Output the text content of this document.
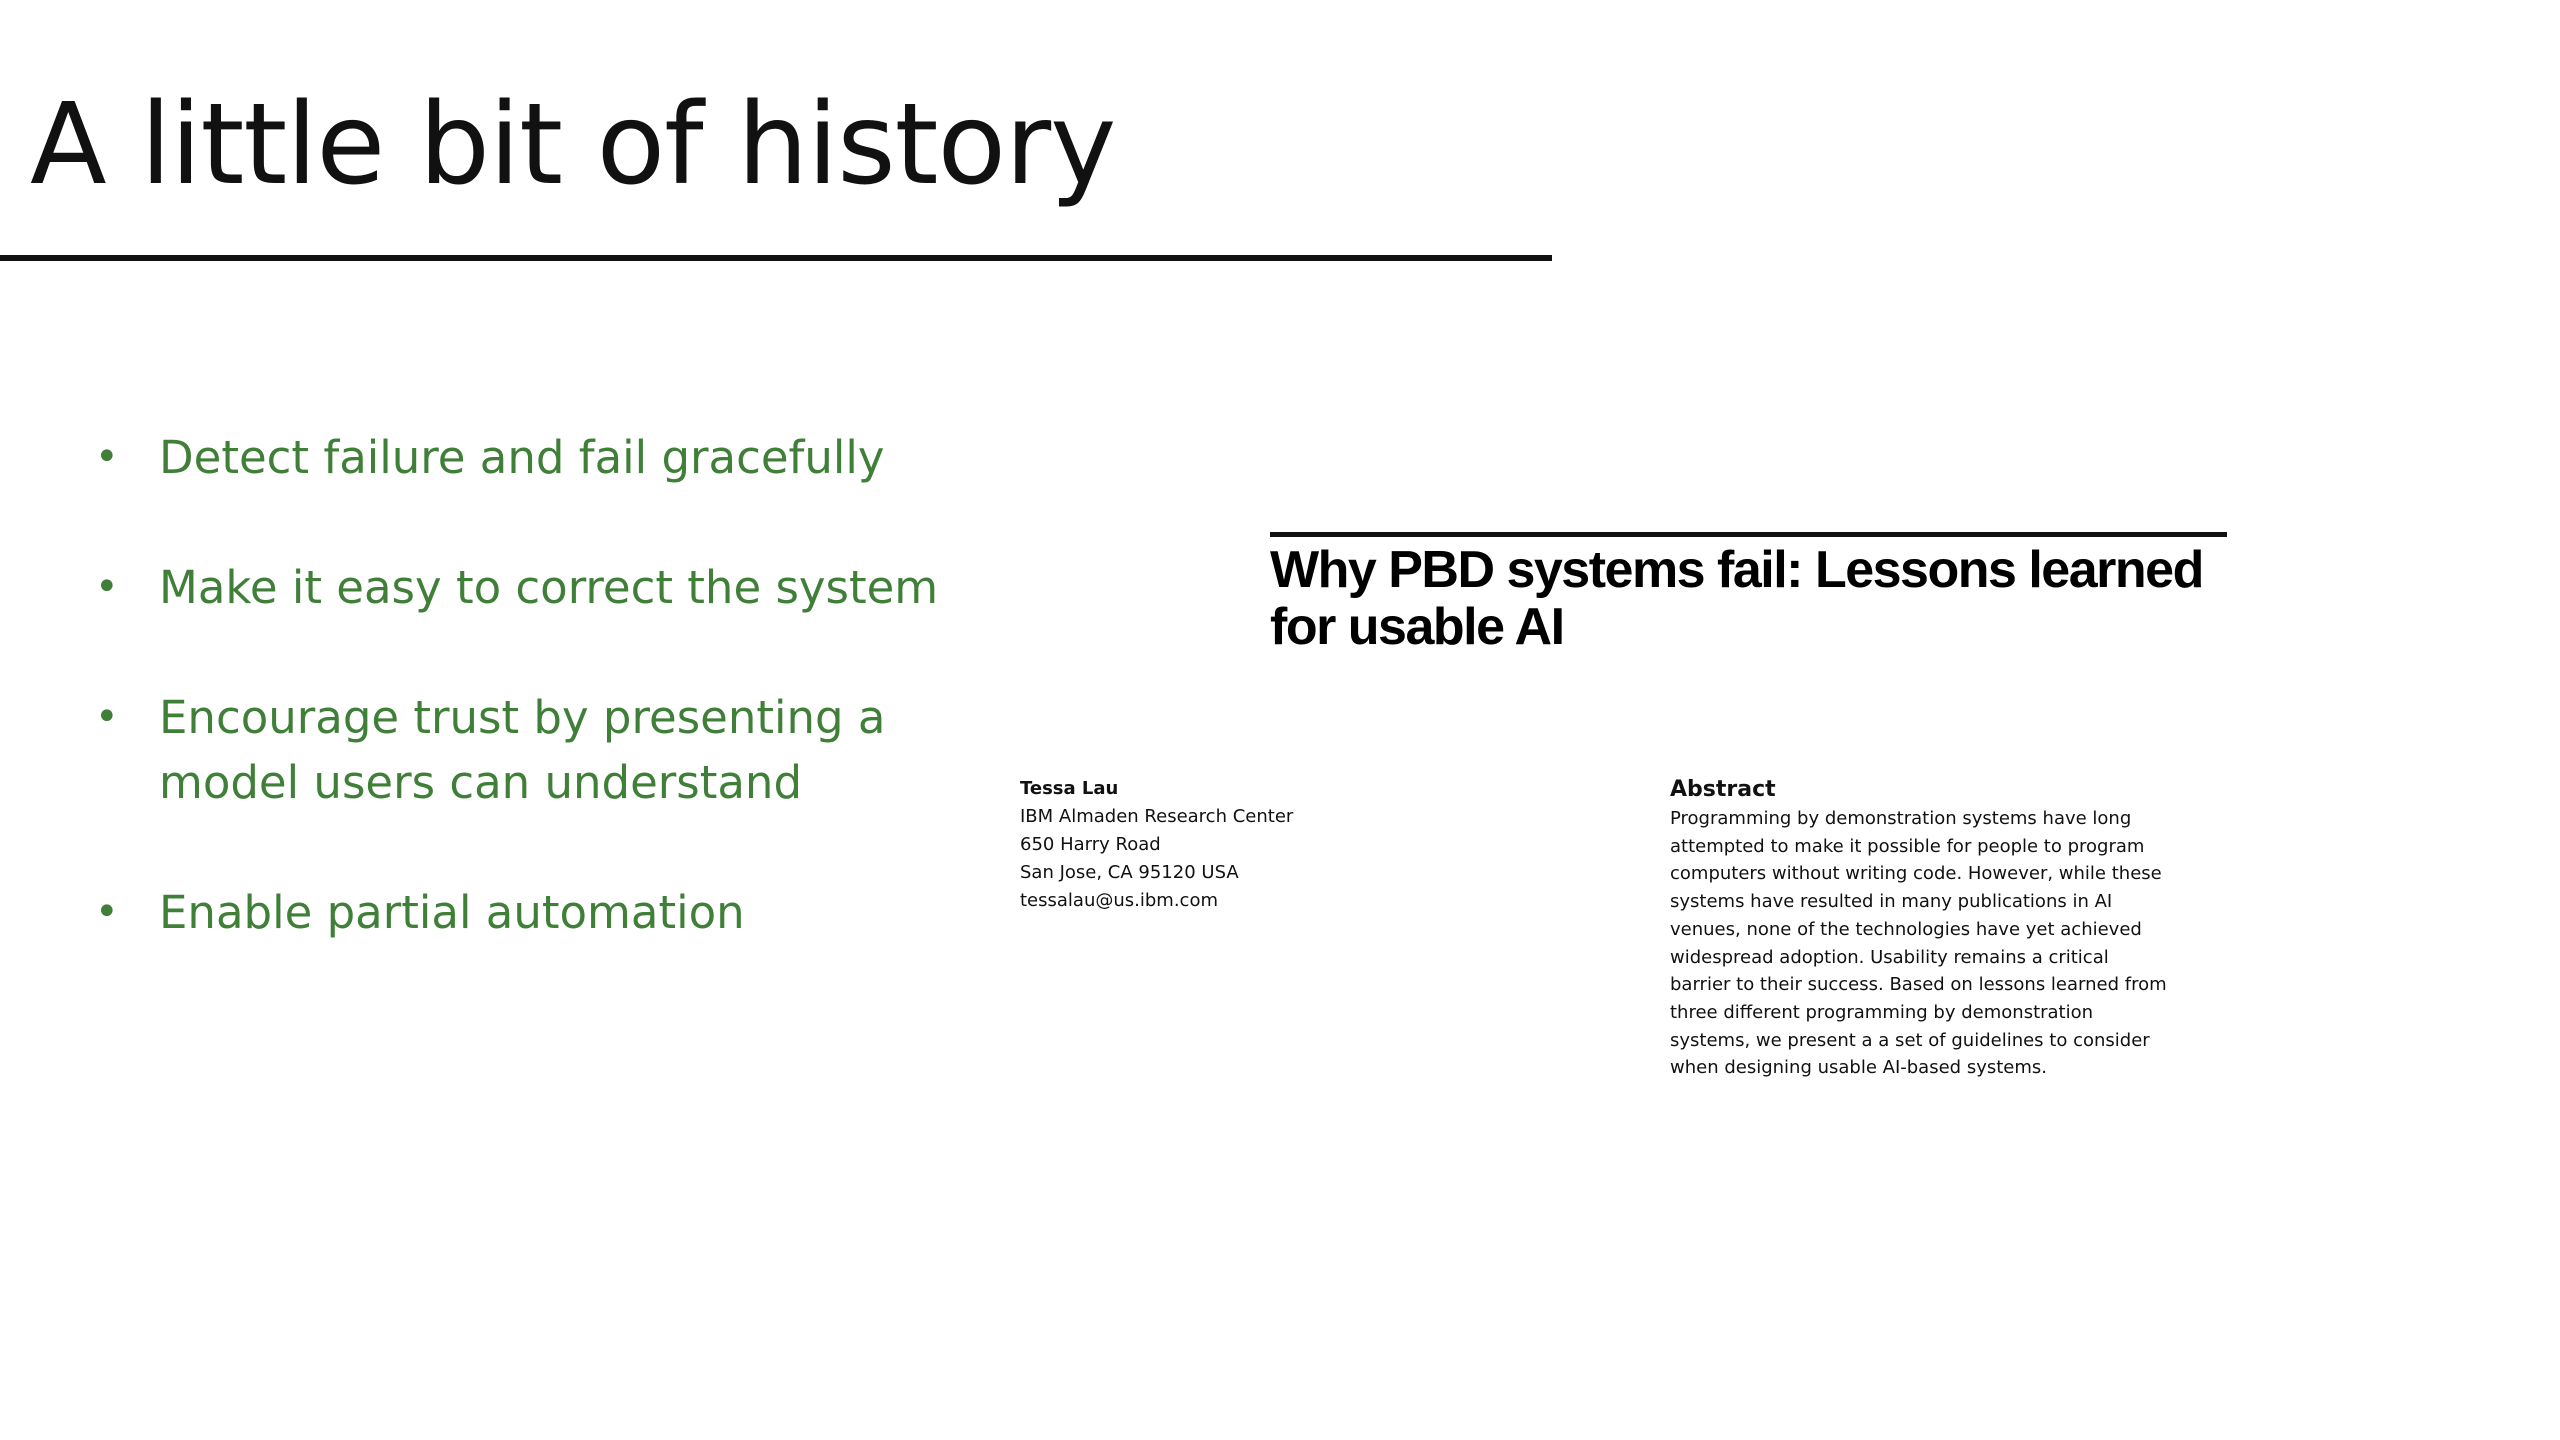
A little bit of history
• Detect failure and fail gracefully
• Make it easy to correct the system
• Encourage trust by presenting a model users can understand
• Enable partial automation
Why PBD systems fail: Lessons learned for usable AI
Tessa Lau
IBM Almaden Research Center
650 Harry Road
San Jose, CA 95120 USA
tessalau@us.ibm.com
Abstract
Programming by demonstration systems have long
attempted to make it possible for people to program
computers without writing code. However, while these
systems have resulted in many publications in AI
venues, none of the technologies have yet achieved
widespread adoption. Usability remains a critical
barrier to their success. Based on lessons learned from
three different programming by demonstration
systems, we present a a set of guidelines to consider
when designing usable AI-based systems.
